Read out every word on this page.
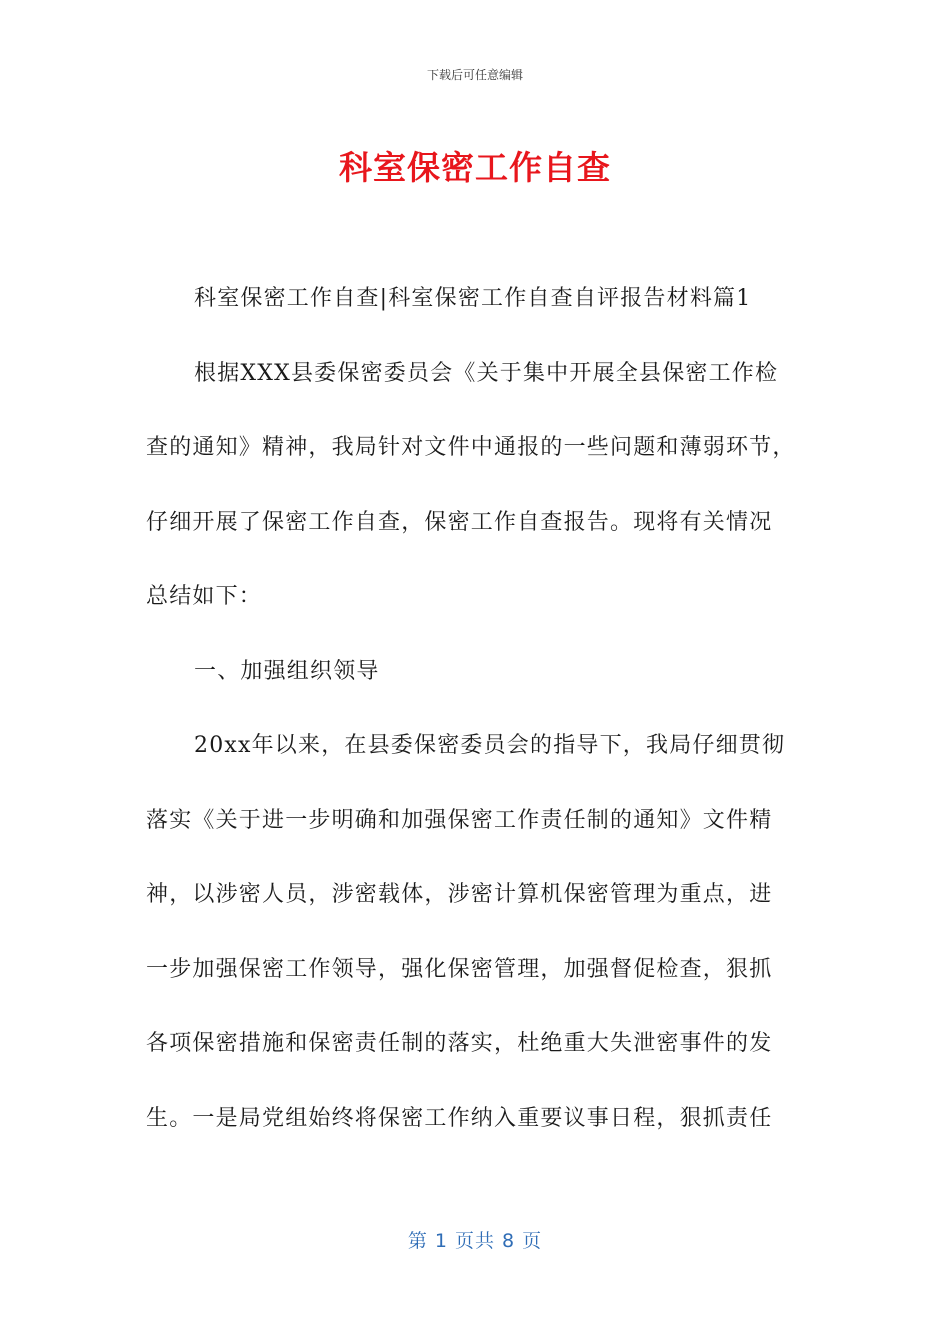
下载后可任意编辑
科室保密工作自查
科室保密工作自查|科室保密工作自查自评报告材料篇1
根据XXX县委保密委员会《关于集中开展全县保密工作检
查的通知》精神，我局针对文件中通报的一些问题和薄弱环节，
仔细开展了保密工作自查，保密工作自查报告。现将有关情况
总结如下：
一、加强组织领导
20xx年以来，在县委保密委员会的指导下，我局仔细贯彻
落实《关于进一步明确和加强保密工作责任制的通知》文件精
神，以涉密人员，涉密载体，涉密计算机保密管理为重点，进
一步加强保密工作领导，强化保密管理，加强督促检查，狠抓
各项保密措施和保密责任制的落实，杜绝重大失泄密事件的发
生。一是局党组始终将保密工作纳入重要议事日程，狠抓责任
第 1 页共 8 页
